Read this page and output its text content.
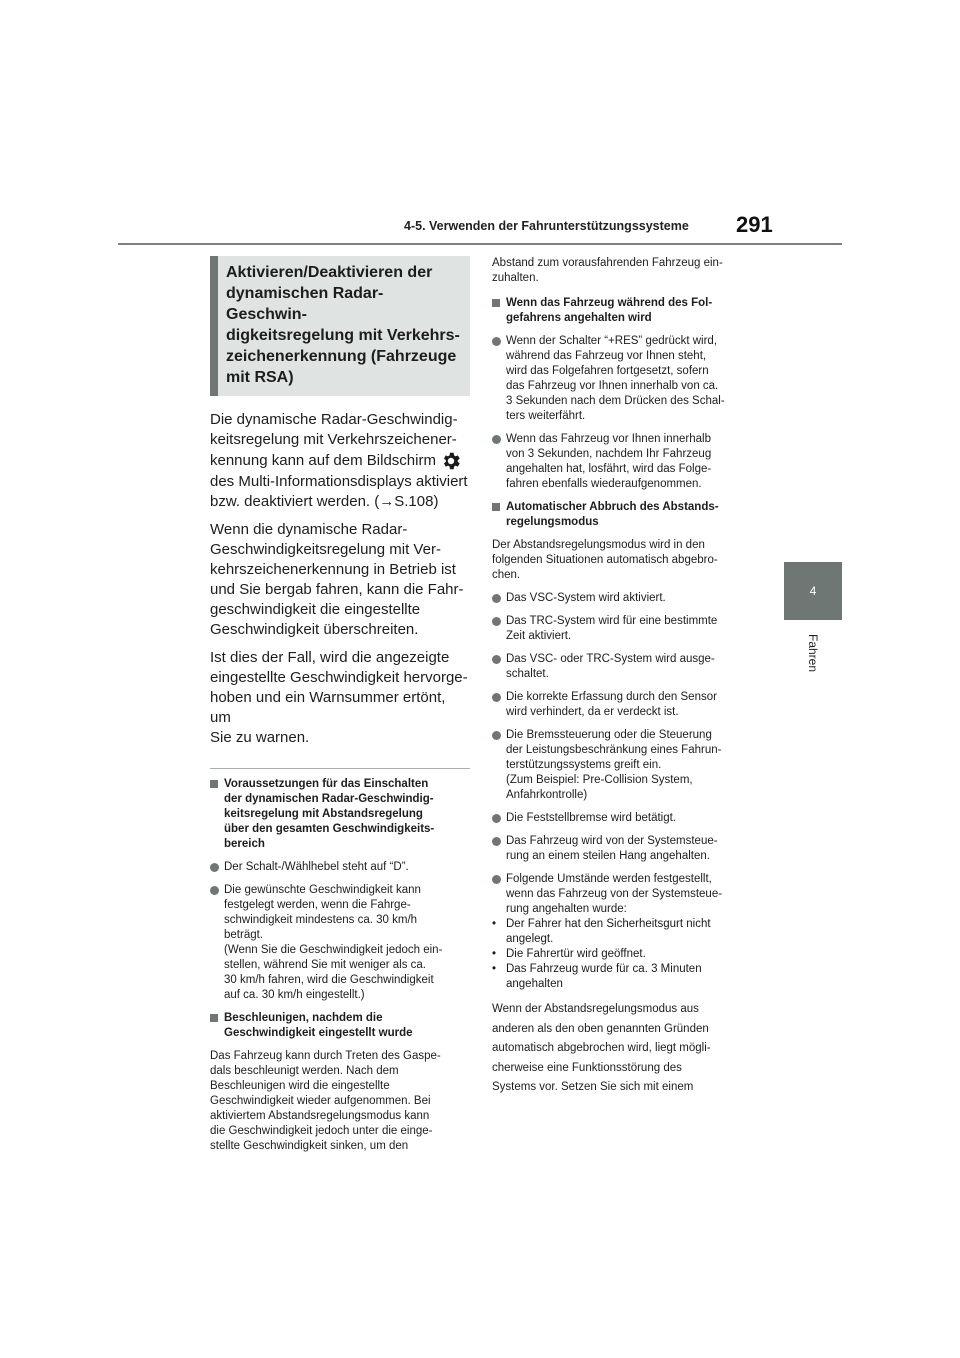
4-5. Verwenden der Fahrunterstützungssysteme 291
4
Fahren
Aktivieren/Deaktivieren der
dynamischen Radar-Geschwin-
digkeitsregelung mit Verkehrs-
zeichenerkennung (Fahrzeuge
mit RSA)

Die dynamische Radar-Geschwindig-
keitsregelung mit Verkehrszeichener-
kennung kann auf dem Bildschirm
des Multi-Informationsdisplays aktiviert
bzw. deaktiviert werden. (→S.108)

Wenn die dynamische Radar-
Geschwindigkeitsregelung mit Ver-
kehrszeichenerkennung in Betrieb ist
und Sie bergab fahren, kann die Fahr-
geschwindigkeit die eingestellte
Geschwindigkeit überschreiten.

Ist dies der Fall, wird die angezeigte
eingestellte Geschwindigkeit hervorge-
hoben und ein Warnsummer ertönt, um
Sie zu warnen.

Voraussetzungen für das Einschalten
der dynamischen Radar-Geschwindig-
keitsregelung mit Abstandsregelung
über den gesamten Geschwindigkeits-
bereich
Der Schalt-/Wählhebel steht auf “D”.
Die gewünschte Geschwindigkeit kann
festgelegt werden, wenn die Fahrge-
schwindigkeit mindestens ca. 30 km/h
beträgt.
(Wenn Sie die Geschwindigkeit jedoch ein-
stellen, während Sie mit weniger als ca.
30 km/h fahren, wird die Geschwindigkeit
auf ca. 30 km/h eingestellt.)
Beschleunigen, nachdem die
Geschwindigkeit eingestellt wurde

Das Fahrzeug kann durch Treten des Gaspe-
dals beschleunigt werden. Nach dem
Beschleunigen wird die eingestellte
Geschwindigkeit wieder aufgenommen. Bei
aktiviertem Abstandsregelungsmodus kann
die Geschwindigkeit jedoch unter die einge-
stellte Geschwindigkeit sinken, um den

Abstand zum vorausfahrenden Fahrzeug ein-
zuhalten.

Wenn das Fahrzeug während des Fol-
gefahrens angehalten wird
Wenn der Schalter “+RES” gedrückt wird,
während das Fahrzeug vor Ihnen steht,
wird das Folgefahren fortgesetzt, sofern
das Fahrzeug vor Ihnen innerhalb von ca.
3 Sekunden nach dem Drücken des Schal-
ters weiterfährt.
Wenn das Fahrzeug vor Ihnen innerhalb
von 3 Sekunden, nachdem Ihr Fahrzeug
angehalten hat, losfährt, wird das Folge-
fahren ebenfalls wiederaufgenommen.
Automatischer Abbruch des Abstands-
regelungsmodus

Der Abstandsregelungsmodus wird in den
folgenden Situationen automatisch abgebro-
chen.

Das VSC-System wird aktiviert.
Das TRC-System wird für eine bestimmte
Zeit aktiviert.
Das VSC- oder TRC-System wird ausge-
schaltet.
Die korrekte Erfassung durch den Sensor
wird verhindert, da er verdeckt ist.
Die Bremssteuerung oder die Steuerung
der Leistungsbeschränkung eines Fahrun-
terstützungssystems greift ein.
(Zum Beispiel: Pre-Collision System,
Anfahrkontrolle)
Die Feststellbremse wird betätigt.
Das Fahrzeug wird von der Systemsteue-
rung an einem steilen Hang angehalten.
Folgende Umstände werden festgestellt,
wenn das Fahrzeug von der Systemsteue-
rung angehalten wurde:
• Der Fahrer hat den Sicherheitsgurt nicht
angelegt.
• Die Fahrertür wird geöffnet.
• Das Fahrzeug wurde für ca. 3 Minuten
angehalten

Wenn der Abstandsregelungsmodus aus
anderen als den oben genannten Gründen
automatisch abgebrochen wird, liegt mögli-
cherweise eine Funktionsstörung des
Systems vor. Setzen Sie sich mit einem
